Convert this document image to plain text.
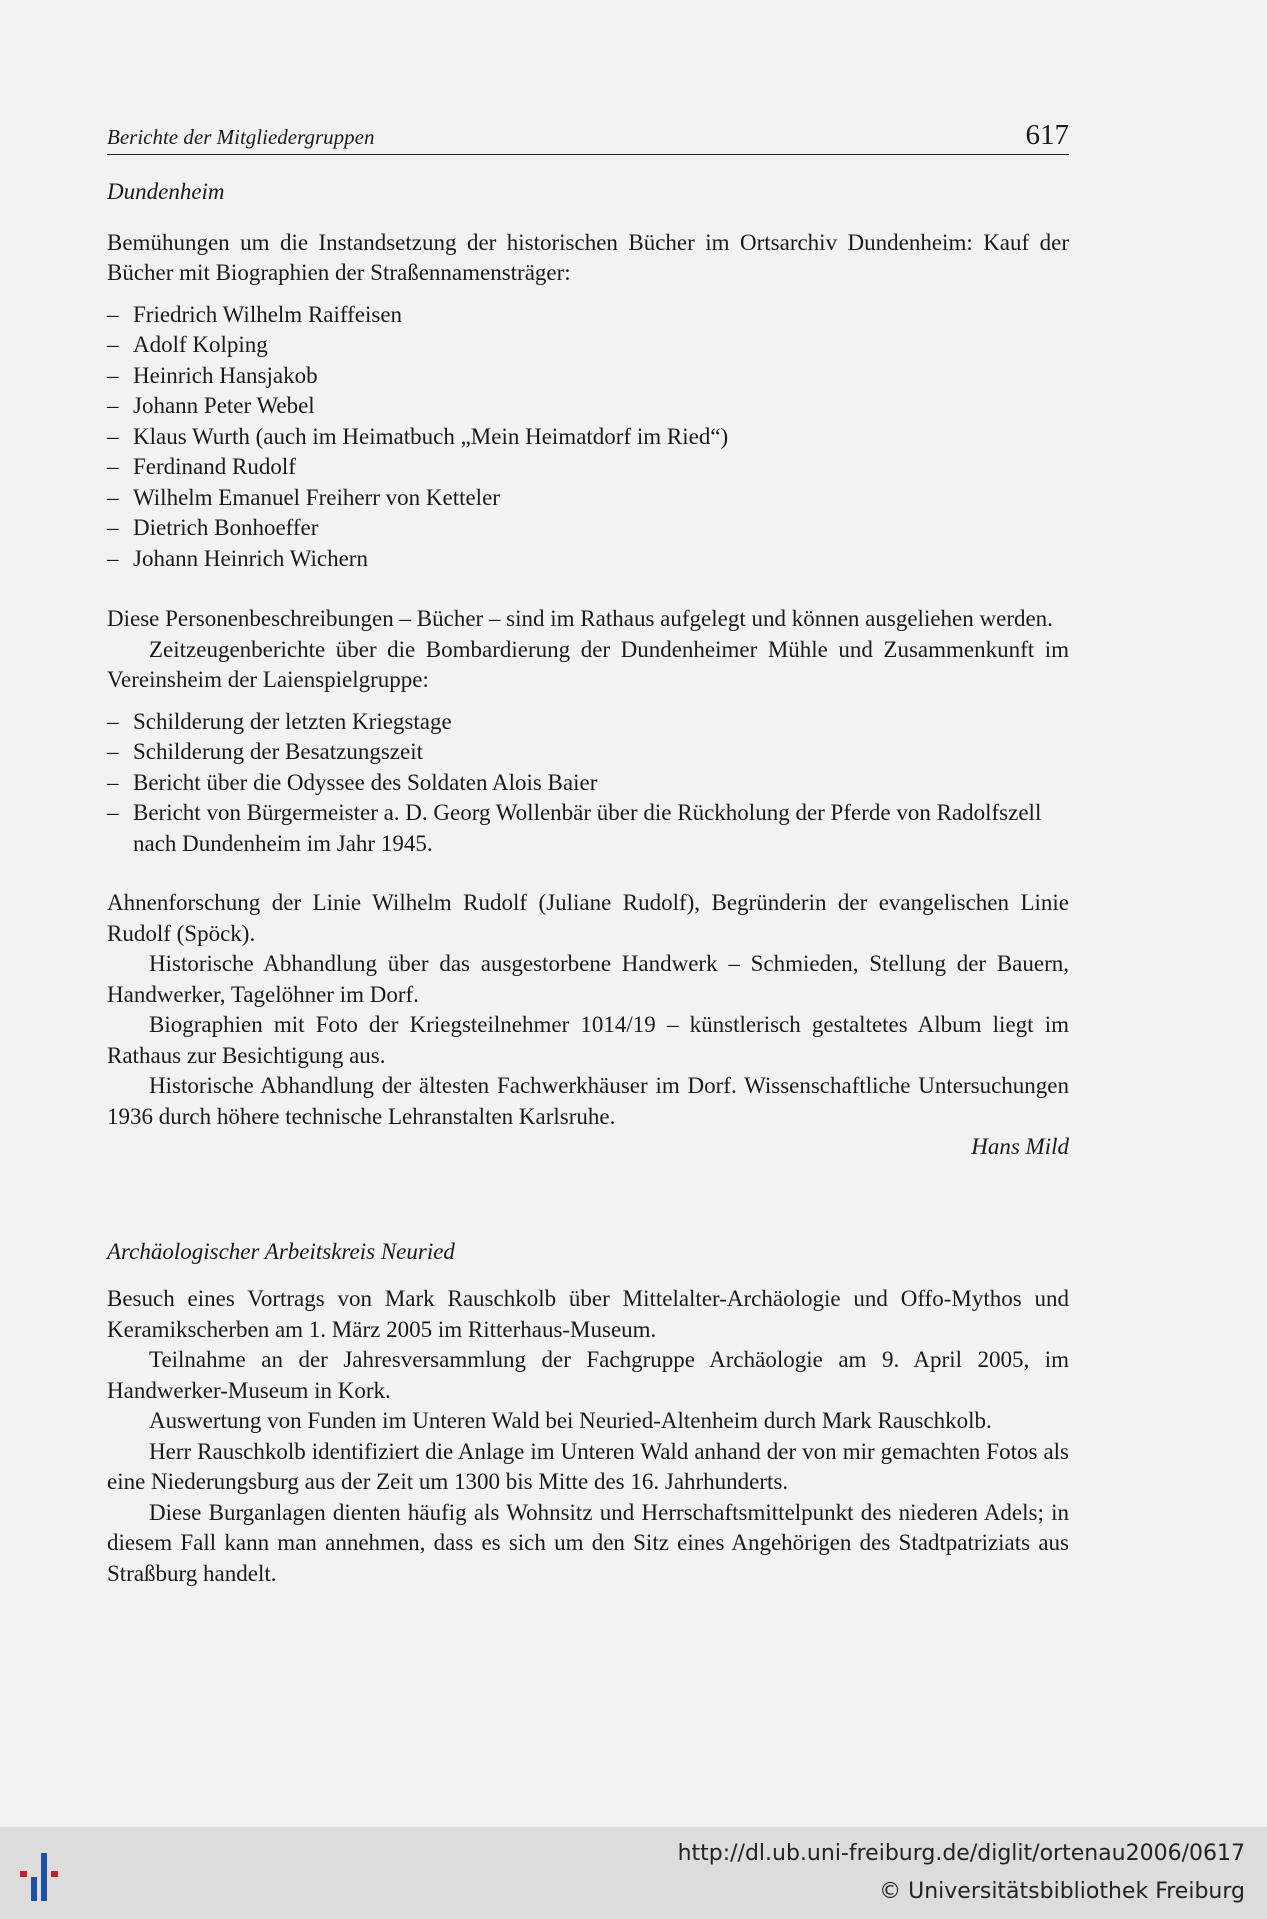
Berichte der Mitgliedergruppen	617
Dundenheim

Bemühungen um die Instandsetzung der historischen Bücher im Ortsarchiv Dundenheim: Kauf der Bücher mit Biographien der Straßennamensträger:

– Friedrich Wilhelm Raiffeisen
– Adolf Kolping
– Heinrich Hansjakob
– Johann Peter Webel
– Klaus Wurth (auch im Heimatbuch „Mein Heimatdorf im Ried“)
– Ferdinand Rudolf
– Wilhelm Emanuel Freiherr von Ketteler
– Dietrich Bonhoeffer
– Johann Heinrich Wichern

Diese Personenbeschreibungen – Bücher – sind im Rathaus aufgelegt und können ausgeliehen werden.

Zeitzeugenberichte über die Bombardierung der Dundenheimer Mühle und Zusammenkunft im Vereinsheim der Laienspielgruppe:

– Schilderung der letzten Kriegstage
– Schilderung der Besatzungszeit
– Bericht über die Odyssee des Soldaten Alois Baier
– Bericht von Bürgermeister a. D. Georg Wollenbär über die Rückholung der Pferde von Radolfszell nach Dundenheim im Jahr 1945.

Ahnenforschung der Linie Wilhelm Rudolf (Juliane Rudolf), Begründerin der evangelischen Linie Rudolf (Spöck).

Historische Abhandlung über das ausgestorbene Handwerk – Schmieden, Stellung der Bauern, Handwerker, Tagelöhner im Dorf.

Biographien mit Foto der Kriegsteilnehmer 1014/19 – künstlerisch gestaltetes Album liegt im Rathaus zur Besichtigung aus.

Historische Abhandlung der ältesten Fachwerkhäuser im Dorf. Wissenschaftliche Untersuchungen 1936 durch höhere technische Lehranstalten Karlsruhe.

Hans Mild
Archäologischer Arbeitskreis Neuried

Besuch eines Vortrags von Mark Rauschkolb über Mittelalter-Archäologie und Offo-Mythos und Keramikscherben am 1. März 2005 im Ritterhaus-Museum.

Teilnahme an der Jahresversammlung der Fachgruppe Archäologie am 9. April 2005, im Handwerker-Museum in Kork.

Auswertung von Funden im Unteren Wald bei Neuried-Altenheim durch Mark Rauschkolb.

Herr Rauschkolb identifiziert die Anlage im Unteren Wald anhand der von mir gemachten Fotos als eine Niederungsburg aus der Zeit um 1300 bis Mitte des 16. Jahrhunderts.

Diese Burganlagen dienten häufig als Wohnsitz und Herrschaftsmittelpunkt des niederen Adels; in diesem Fall kann man annehmen, dass es sich um den Sitz eines Angehörigen des Stadtpatriziats aus Straßburg handelt.

http://dl.ub.uni-freiburg.de/diglit/ortenau2006/0617
© Universitätsbibliothek Freiburg
